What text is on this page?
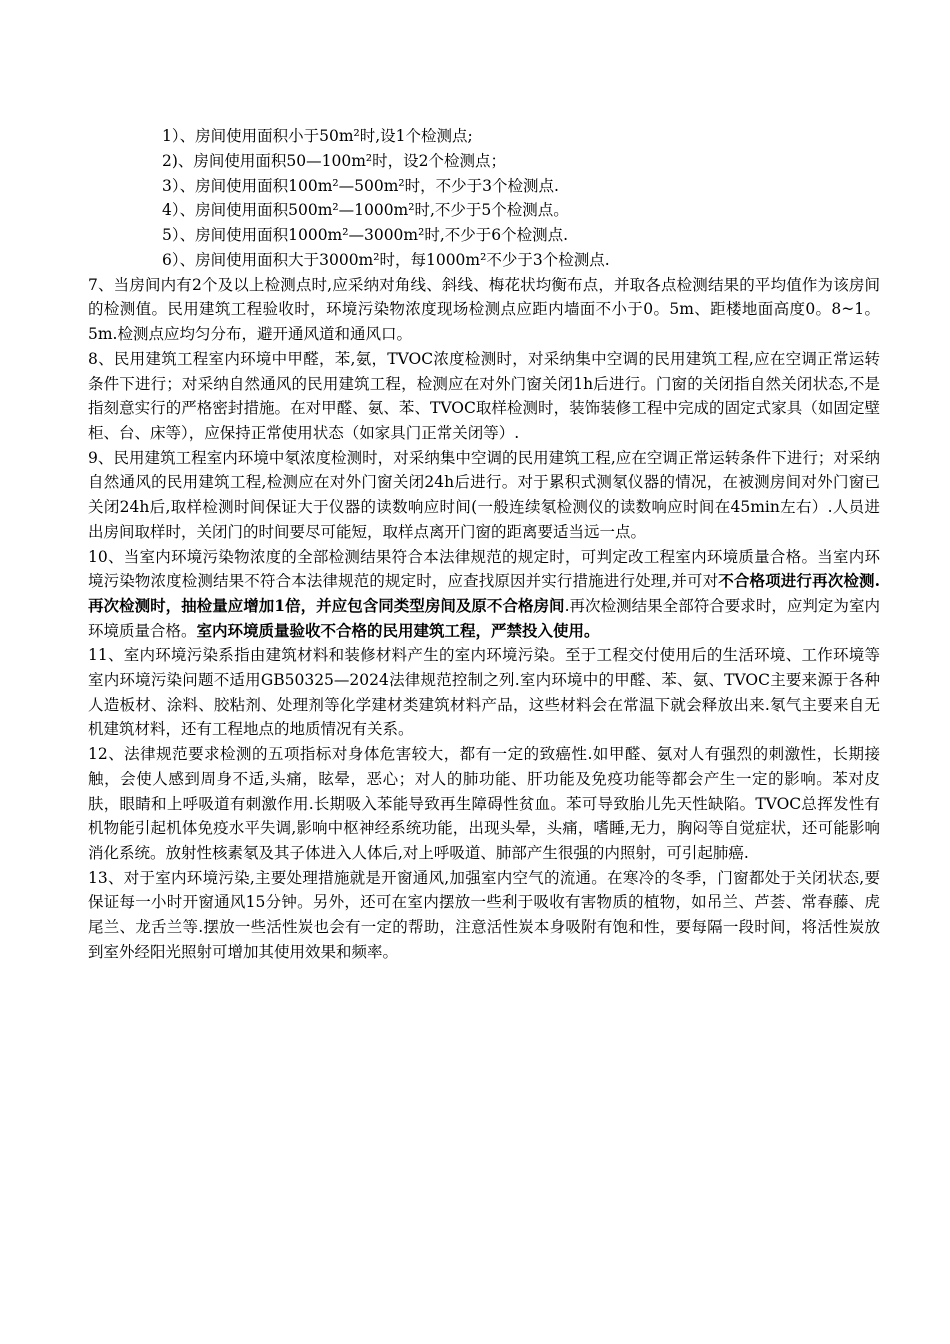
1）、房间使用面积小于50m²时,设1个检测点;
2)、房间使用面积50—100m²时，设2个检测点；
3）、房间使用面积100m²—500m²时，不少于3个检测点.
4）、房间使用面积500m²—1000m²时,不少于5个检测点。
5）、房间使用面积1000m²—3000m²时,不少于6个检测点.
6）、房间使用面积大于3000m²时，每1000m²不少于3个检测点.

7、当房间内有2个及以上检测点时,应采纳对角线、斜线、梅花状均衡布点，并取各点检测结果的平均值作为该房间的检测值。民用建筑工程验收时，环境污染物浓度现场检测点应距内墙面不小于0。5m、距楼地面高度0。8~1。5m.检测点应均匀分布，避开通风道和通风口。

8、民用建筑工程室内环境中甲醛，苯,氨，TVOC浓度检测时，对采纳集中空调的民用建筑工程,应在空调正常运转条件下进行；对采纳自然通风的民用建筑工程，检测应在对外门窗关闭1h后进行。门窗的关闭指自然关闭状态,不是指刻意实行的严格密封措施。在对甲醛、氨、苯、TVOC取样检测时，装饰装修工程中完成的固定式家具（如固定壁柜、台、床等），应保持正常使用状态（如家具门正常关闭等）.

9、民用建筑工程室内环境中氡浓度检测时，对采纳集中空调的民用建筑工程,应在空调正常运转条件下进行；对采纳自然通风的民用建筑工程,检测应在对外门窗关闭24h后进行。对于累积式测氡仪器的情况，在被测房间对外门窗已关闭24h后,取样检测时间保证大于仪器的读数响应时间(一般连续氡检测仪的读数响应时间在45min左右）.人员进出房间取样时，关闭门的时间要尽可能短，取样点离开门窗的距离要适当远一点。

10、当室内环境污染物浓度的全部检测结果符合本法律规范的规定时，可判定改工程室内环境质量合格。当室内环境污染物浓度检测结果不符合本法律规范的规定时，应查找原因并实行措施进行处理,并可对不合格项进行再次检测.再次检测时，抽检量应增加1倍，并应包含同类型房间及原不合格房间.再次检测结果全部符合要求时，应判定为室内环境质量合格。室内环境质量验收不合格的民用建筑工程，严禁投入使用。

11、室内环境污染系指由建筑材料和装修材料产生的室内环境污染。至于工程交付使用后的生活环境、工作环境等室内环境污染问题不适用GB50325—2024法律规范控制之列.室内环境中的甲醛、苯、氨、TVOC主要来源于各种人造板材、涂料、胶粘剂、处理剂等化学建材类建筑材料产品，这些材料会在常温下就会释放出来.氡气主要来自无机建筑材料，还有工程地点的地质情况有关系。

12、法律规范要求检测的五项指标对身体危害较大，都有一定的致癌性.如甲醛、氨对人有强烈的刺激性，长期接触，会使人感到周身不适,头痛，眩晕，恶心；对人的肺功能、肝功能及免疫功能等都会产生一定的影响。苯对皮肤，眼睛和上呼吸道有刺激作用.长期吸入苯能导致再生障碍性贫血。苯可导致胎儿先天性缺陷。TVOC总挥发性有机物能引起机体免疫水平失调,影响中枢神经系统功能，出现头晕，头痛，嗜睡,无力，胸闷等自觉症状，还可能影响消化系统。放射性核素氡及其子体进入人体后,对上呼吸道、肺部产生很强的内照射，可引起肺癌.

13、对于室内环境污染,主要处理措施就是开窗通风,加强室内空气的流通。在寒冷的冬季，门窗都处于关闭状态,要保证每一小时开窗通风15分钟。另外，还可在室内摆放一些利于吸收有害物质的植物，如吊兰、芦荟、常春藤、虎尾兰、龙舌兰等.摆放一些活性炭也会有一定的帮助，注意活性炭本身吸附有饱和性，要每隔一段时间，将活性炭放到室外经阳光照射可增加其使用效果和频率。
